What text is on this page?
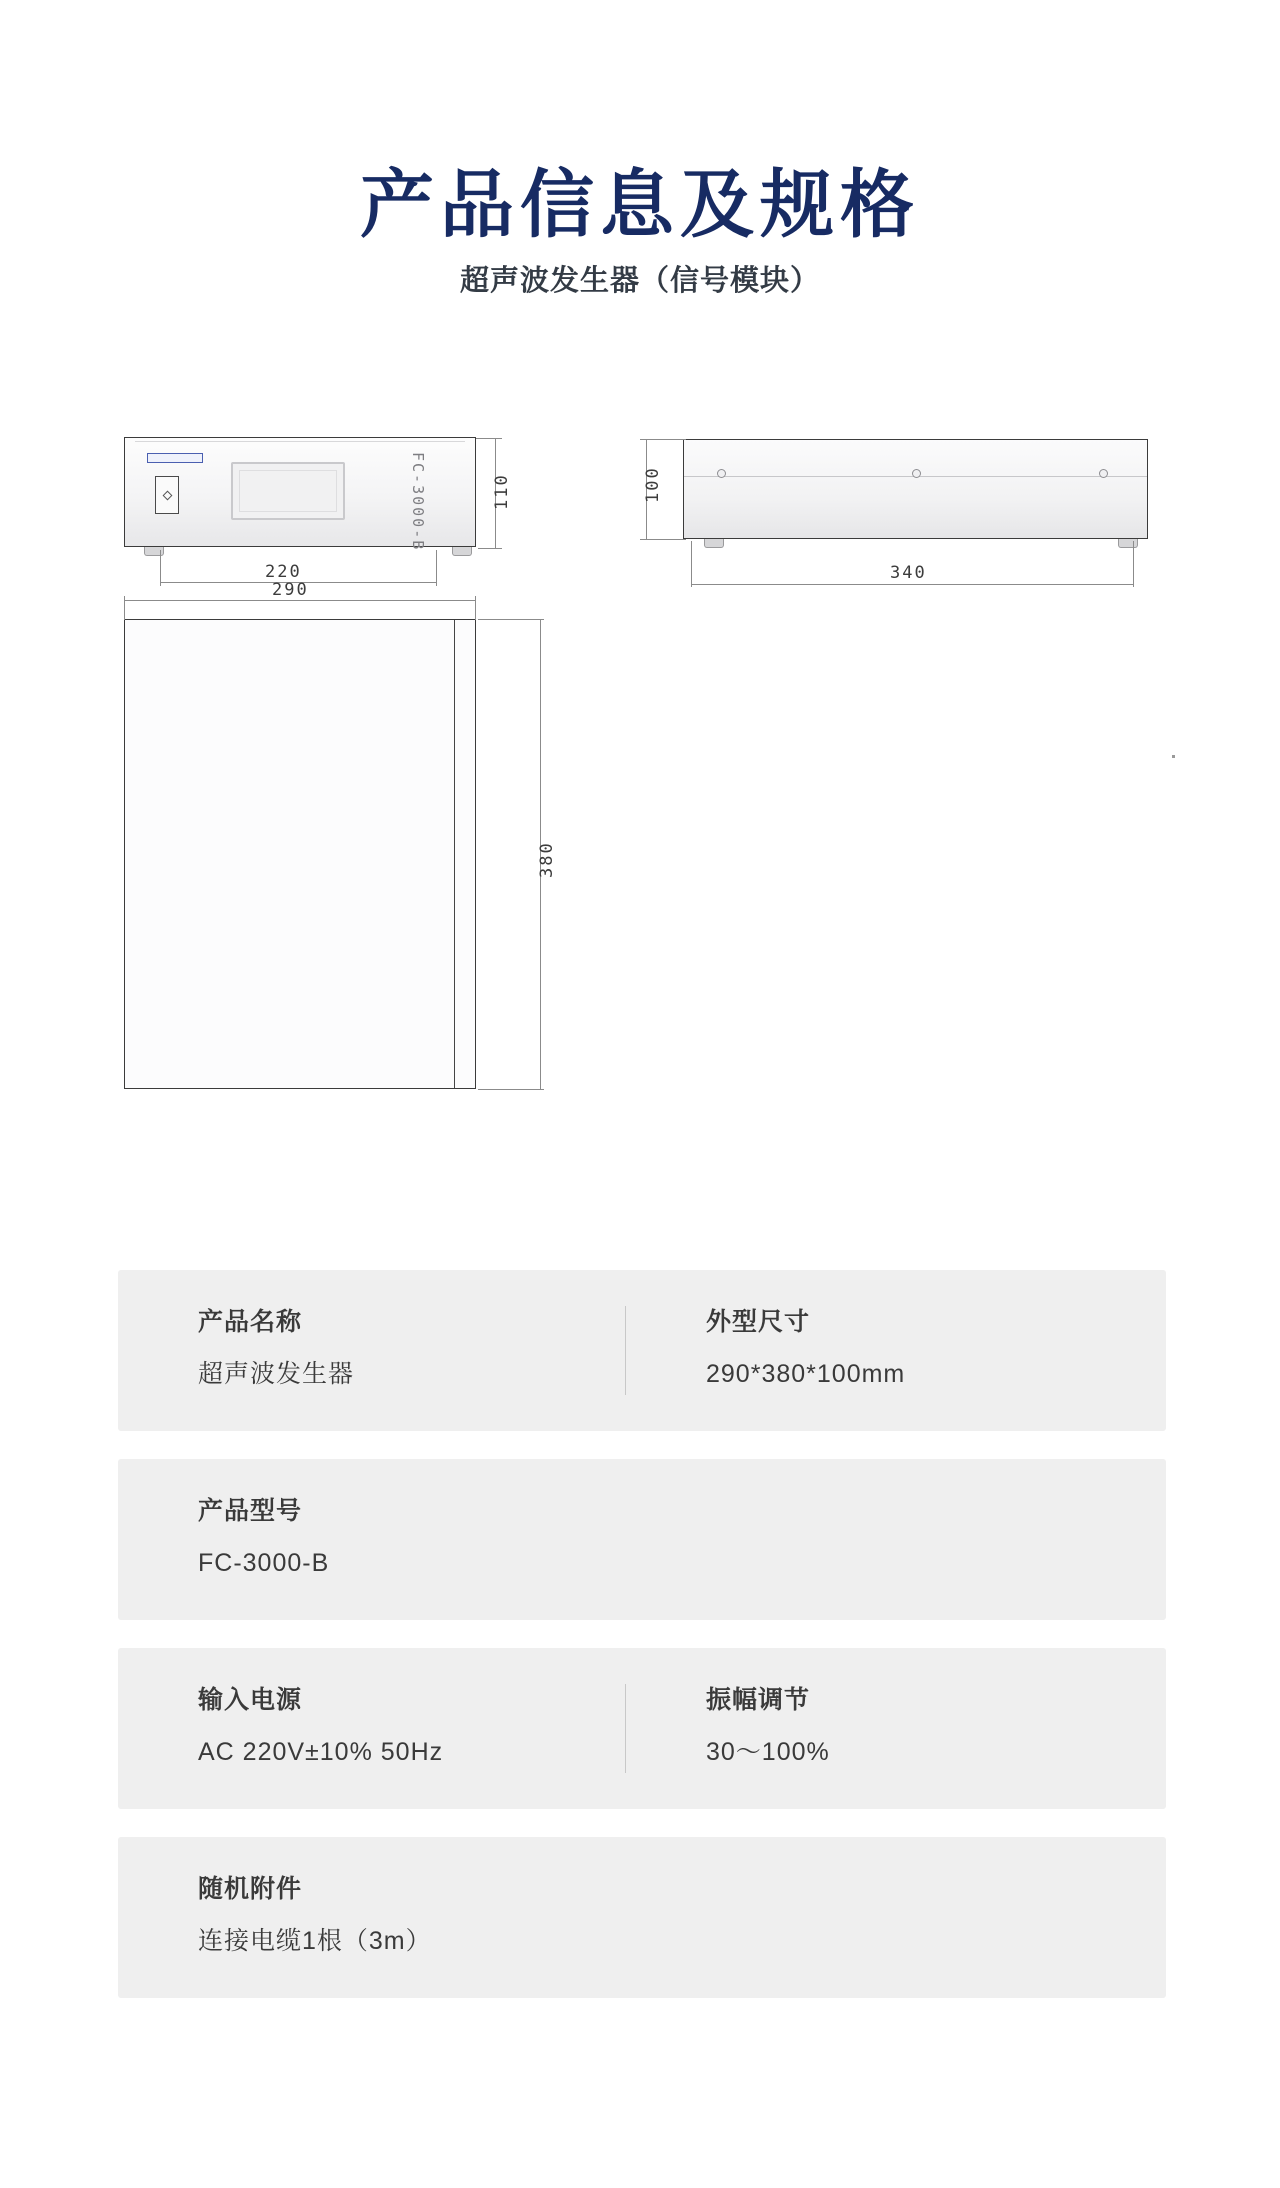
产品信息及规格
超声波发生器（信号模块）
FC-3000-B	110
220
100
340
290
380
产品名称
超声波发生器
外型尺寸
290*380*100mm
产品型号
FC-3000-B
输入电源
AC 220V±10% 50Hz
振幅调节
30～100%
随机附件
连接电缆1根（3m）
